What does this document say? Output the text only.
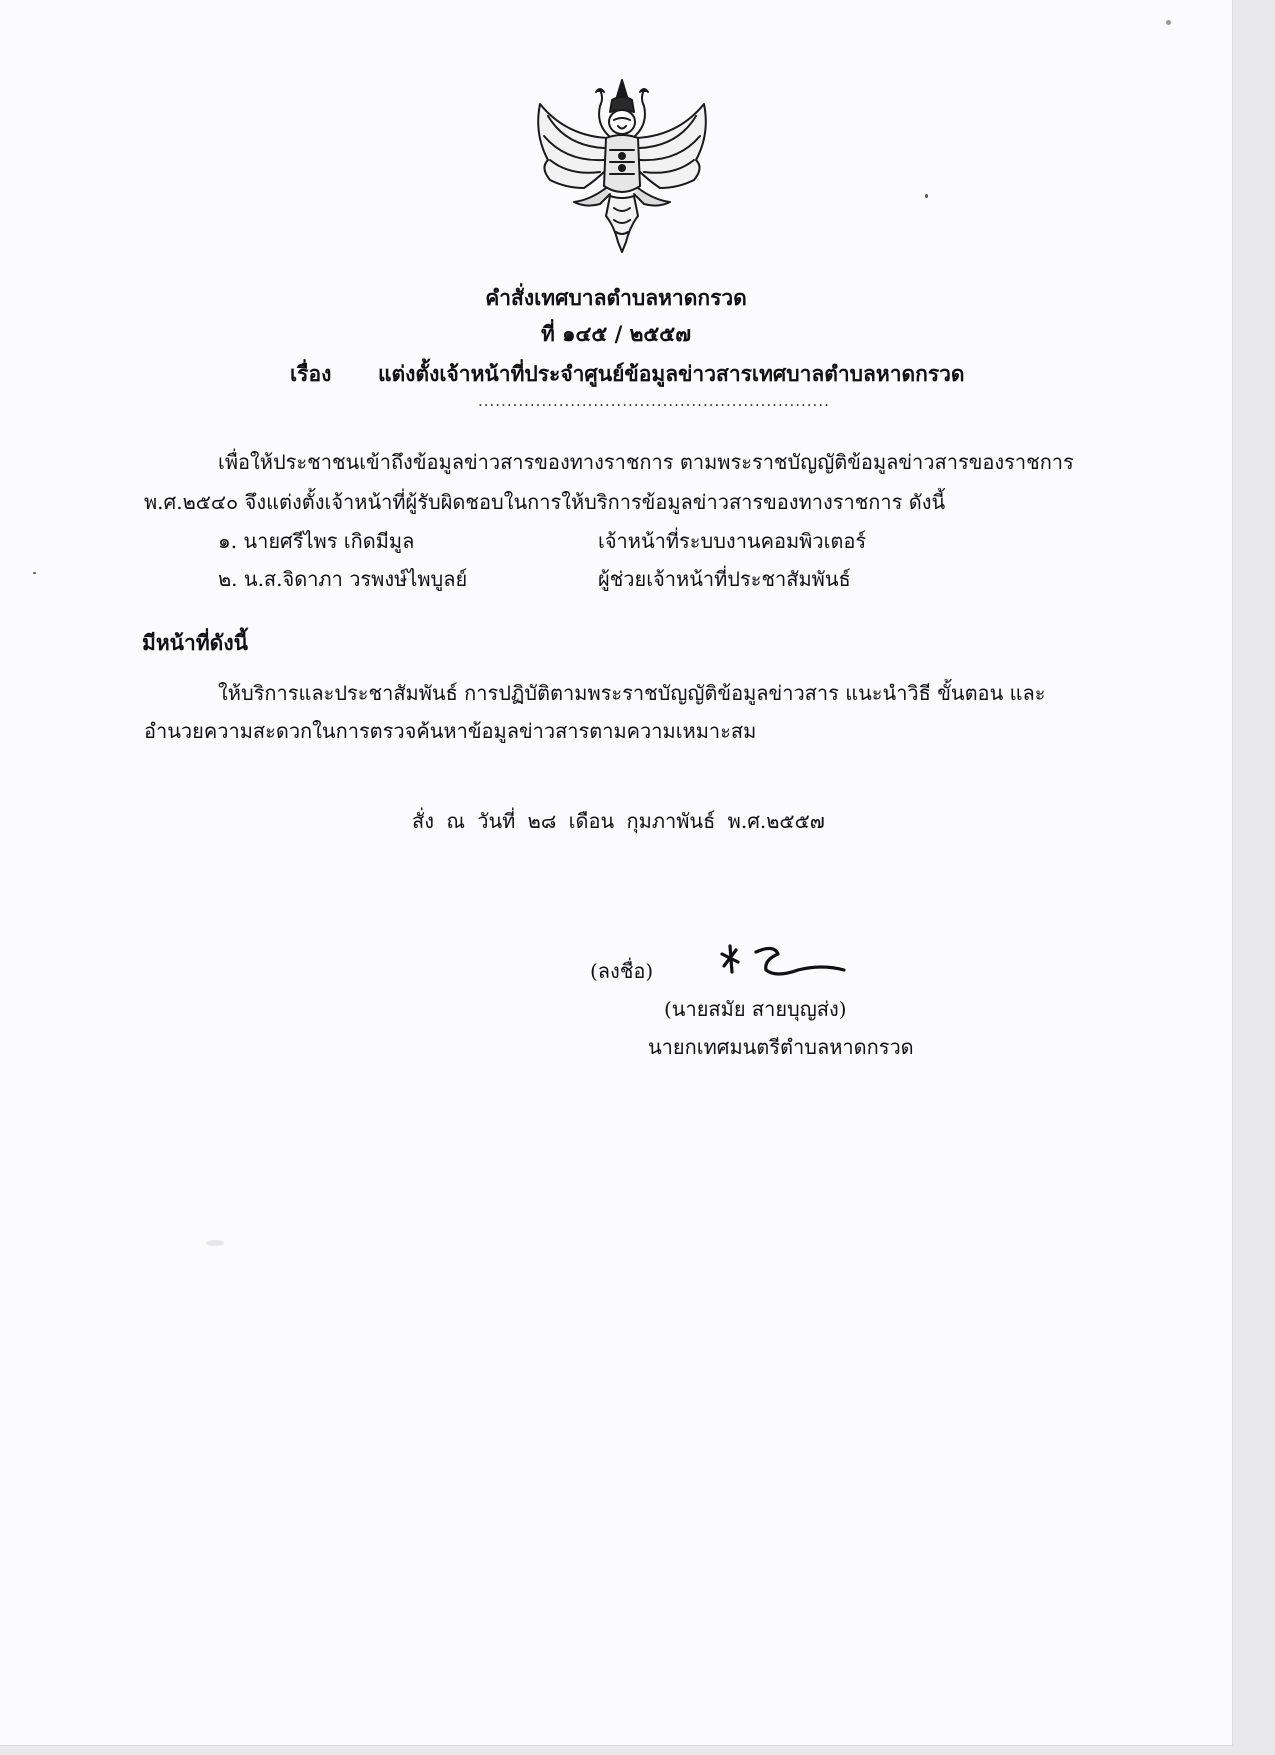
คำสั่งเทศบาลตำบลหาดกรวด
ที่ ๑๔๕ / ๒๕๕๗
เรื่อง แต่งตั้งเจ้าหน้าที่ประจำศูนย์ข้อมูลข่าวสารเทศบาลตำบลหาดกรวด
.............................................................
เพื่อให้ประชาชนเข้าถึงข้อมูลข่าวสารของทางราชการ ตามพระราชบัญญัติข้อมูลข่าวสารของราชการ
พ.ศ.๒๕๔๐ จึงแต่งตั้งเจ้าหน้าที่ผู้รับผิดชอบในการให้บริการข้อมูลข่าวสารของทางราชการ ดังนี้
๑. นายศรีไพร เกิดมีมูล	เจ้าหน้าที่ระบบงานคอมพิวเตอร์
๒. น.ส.จิดาภา วรพงษ์ไพบูลย์	ผู้ช่วยเจ้าหน้าที่ประชาสัมพันธ์
มีหน้าที่ดังนี้
ให้บริการและประชาสัมพันธ์ การปฏิบัติตามพระราชบัญญัติข้อมูลข่าวสาร แนะนำวิธี ขั้นตอน และ
อำนวยความสะดวกในการตรวจค้นหาข้อมูลข่าวสารตามความเหมาะสม
สั่ง ณ วันที่ ๒๘ เดือน กุมภาพันธ์ พ.ศ.๒๕๕๗
(ลงชื่อ)
(นายสมัย สายบุญส่ง)
นายกเทศมนตรีตำบลหาดกรวด
